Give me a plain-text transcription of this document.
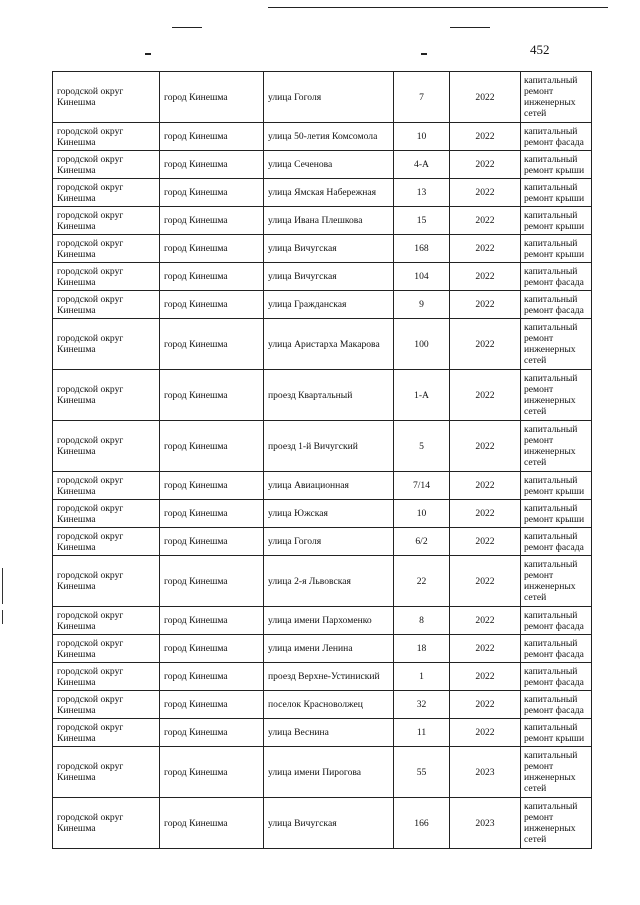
452
городской округ Кинешма	город Кинешма	улица Гоголя	7	2022	капитальный ремонт инженерных сетей
городской округ Кинешма	город Кинешма	улица 50-летия Комсомола	10	2022	капитальный ремонт фасада
городской округ Кинешма	город Кинешма	улица Сеченова	4-А	2022	капитальный ремонт крыши
городской округ Кинешма	город Кинешма	улица Ямская Набережная	13	2022	капитальный ремонт крыши
городской округ Кинешма	город Кинешма	улица Ивана Плешкова	15	2022	капитальный ремонт крыши
городской округ Кинешма	город Кинешма	улица Вичугская	168	2022	капитальный ремонт крыши
городской округ Кинешма	город Кинешма	улица Вичугская	104	2022	капитальный ремонт фасада
городской округ Кинешма	город Кинешма	улица Гражданская	9	2022	капитальный ремонт фасада
городской округ Кинешма	город Кинешма	улица Аристарха Макарова	100	2022	капитальный ремонт инженерных сетей
городской округ Кинешма	город Кинешма	проезд Квартальный	1-А	2022	капитальный ремонт инженерных сетей
городской округ Кинешма	город Кинешма	проезд 1-й Вичугский	5	2022	капитальный ремонт инженерных сетей
городской округ Кинешма	город Кинешма	улица Авиационная	7/14	2022	капитальный ремонт крыши
городской округ Кинешма	город Кинешма	улица Южская	10	2022	капитальный ремонт крыши
городской округ Кинешма	город Кинешма	улица Гоголя	6/2	2022	капитальный ремонт фасада
городской округ Кинешма	город Кинешма	улица 2-я Львовская	22	2022	капитальный ремонт инженерных сетей
городской округ Кинешма	город Кинешма	улица имени Пархоменко	8	2022	капитальный ремонт фасада
городской округ Кинешма	город Кинешма	улица имени Ленина	18	2022	капитальный ремонт фасада
городской округ Кинешма	город Кинешма	проезд Верхне-Устиниский	1	2022	капитальный ремонт фасада
городской округ Кинешма	город Кинешма	поселок Красноволжец	32	2022	капитальный ремонт фасада
городской округ Кинешма	город Кинешма	улица Веснина	11	2022	капитальный ремонт крыши
городской округ Кинешма	город Кинешма	улица имени Пирогова	55	2023	капитальный ремонт инженерных сетей
городской округ Кинешма	город Кинешма	улица Вичугская	166	2023	капитальный ремонт инженерных сетей
